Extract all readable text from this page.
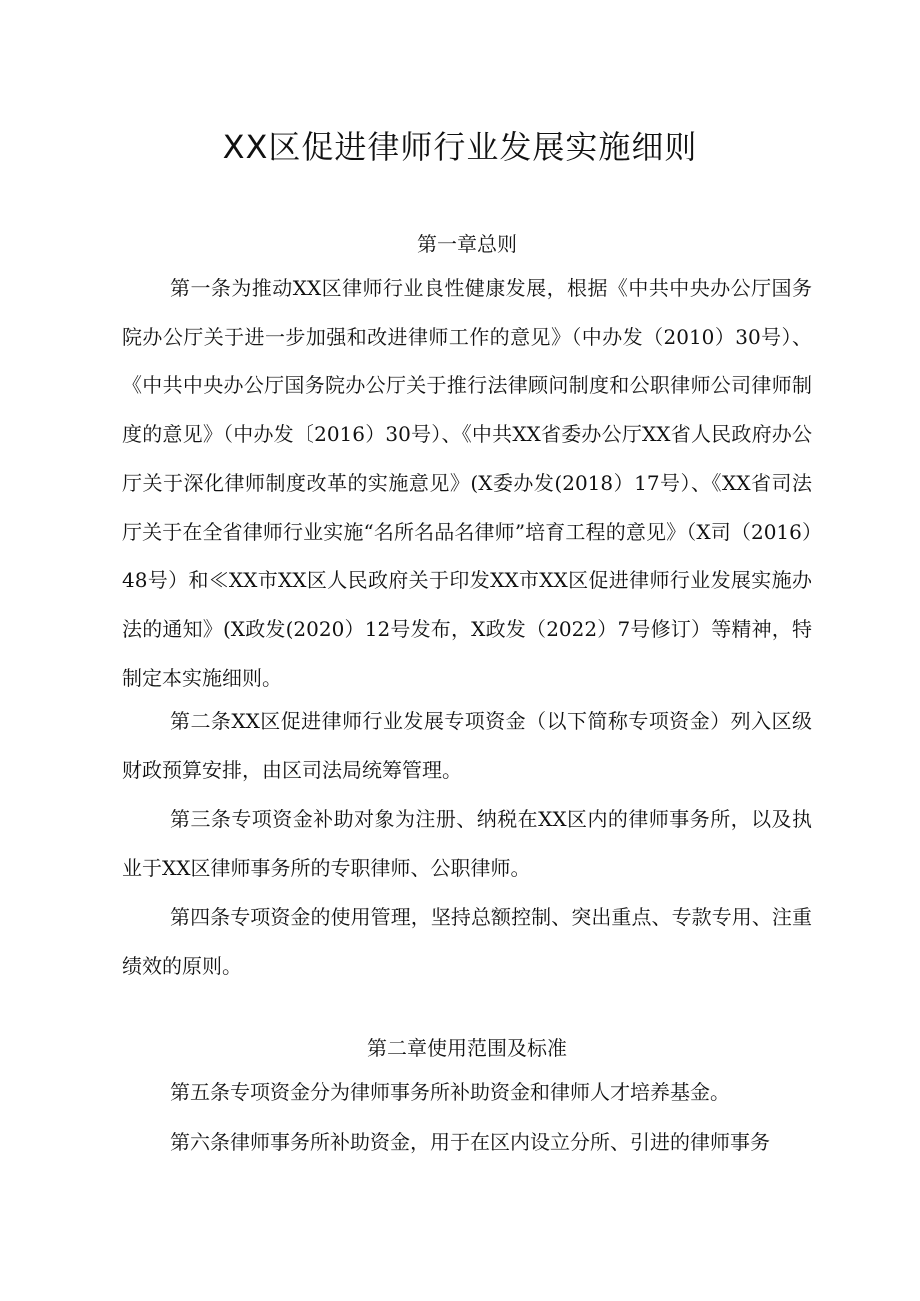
XX区促进律师行业发展实施细则
第一章总则

第一条为推动XX区律师行业良性健康发展，根据《中共中央办公厅国务院办公厅关于进一步加强和改进律师工作的意见》（中办发（2010）30号）、《中共中央办公厅国务院办公厅关于推行法律顾问制度和公职律师公司律师制度的意见》（中办发〔2016）30号）、《中共XX省委办公厅XX省人民政府办公厅关于深化律师制度改革的实施意见》(X委办发(2018）17号）、《XX省司法厅关于在全省律师行业实施“名所名品名律师”培育工程的意见》（X司（2016）48号）和≪XX市XX区人民政府关于印发XX市XX区促进律师行业发展实施办法的通知》(X政发(2020）12号发布，X政发（2022）7号修订）等精神，特制定本实施细则。

第二条XX区促进律师行业发展专项资金（以下简称专项资金）列入区级财政预算安排，由区司法局统筹管理。

第三条专项资金补助对象为注册、纳税在XX区内的律师事务所，以及执业于XX区律师事务所的专职律师、公职律师。

第四条专项资金的使用管理，坚持总额控制、突出重点、专款专用、注重绩效的原则。

第二章使用范围及标准

第五条专项资金分为律师事务所补助资金和律师人才培养基金。

第六条律师事务所补助资金，用于在区内设立分所、引进的律师事务
